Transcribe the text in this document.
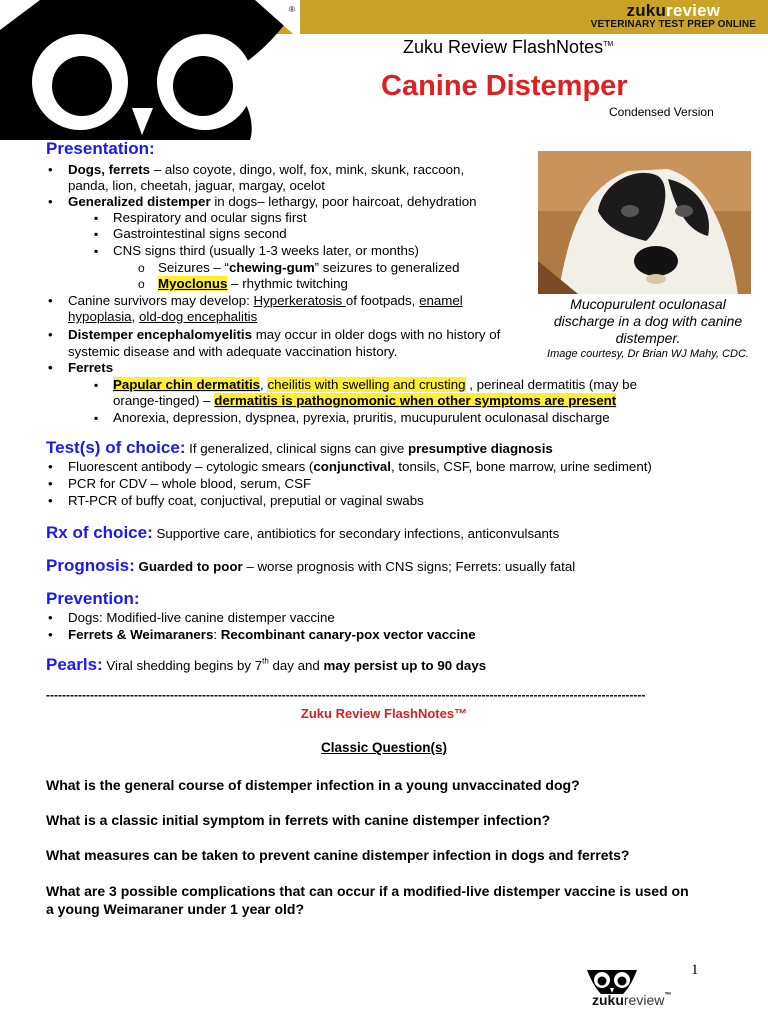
zukureview
VETERINARY TEST PREP ONLINE
®
Zuku Review FlashNotes™
Canine Distemper
Condensed Version
Presentation:
• Dogs, ferrets – also coyote, dingo, wolf, fox, mink, skunk, raccoon,
panda, lion, cheetah, jaguar, margay, ocelot
• Generalized distemper in dogs– lethargy, poor haircoat, dehydration
▪ Respiratory and ocular signs first
▪ Gastrointestinal signs second
▪ CNS signs third (usually 1-3 weeks later, or months)
o Seizures – “chewing-gum” seizures to generalized
o Myoclonus – rhythmic twitching
• Canine survivors may develop: Hyperkeratosis of footpads, enamel
hypoplasia, old-dog encephalitis
• Distemper encephalomyelitis may occur in older dogs with no history of
systemic disease and with adequate vaccination history.
• Ferrets
▪ Papular chin dermatitis, cheilitis with swelling and crusting , perineal dermatitis (may be
orange-tinged) – dermatitis is pathognomonic when other symptoms are present
▪ Anorexia, depression, dyspnea, pyrexia, pruritis, mucupurulent oculonasal discharge
Mucopurulent oculonasal discharge in a dog with canine distemper.
Image courtesy, Dr Brian WJ Mahy, CDC.
Test(s) of choice: If generalized, clinical signs can give presumptive diagnosis
• Fluorescent antibody – cytologic smears (conjunctival, tonsils, CSF, bone marrow, urine sediment)
• PCR for CDV – whole blood, serum, CSF
• RT-PCR of buffy coat, conjuctival, preputial or vaginal swabs
Rx of choice: Supportive care, antibiotics for secondary infections, anticonvulsants
Prognosis: Guarded to poor – worse prognosis with CNS signs; Ferrets: usually fatal
Prevention:
• Dogs: Modified-live canine distemper vaccine
• Ferrets & Weimaraners: Recombinant canary-pox vector vaccine
Pearls: Viral shedding begins by 7th day and may persist up to 90 days
------------------------------------------------------------------------------------------------------------------------------------------------------
Zuku Review FlashNotes™
Classic Question(s)
What is the general course of distemper infection in a young unvaccinated dog?
What is a classic initial symptom in ferrets with canine distemper infection?
What measures can be taken to prevent canine distemper infection in dogs and ferrets?
What are 3 possible complications that can occur if a modified-live distemper vaccine is used on a young Weimaraner under 1 year old?
1
zukureview™
